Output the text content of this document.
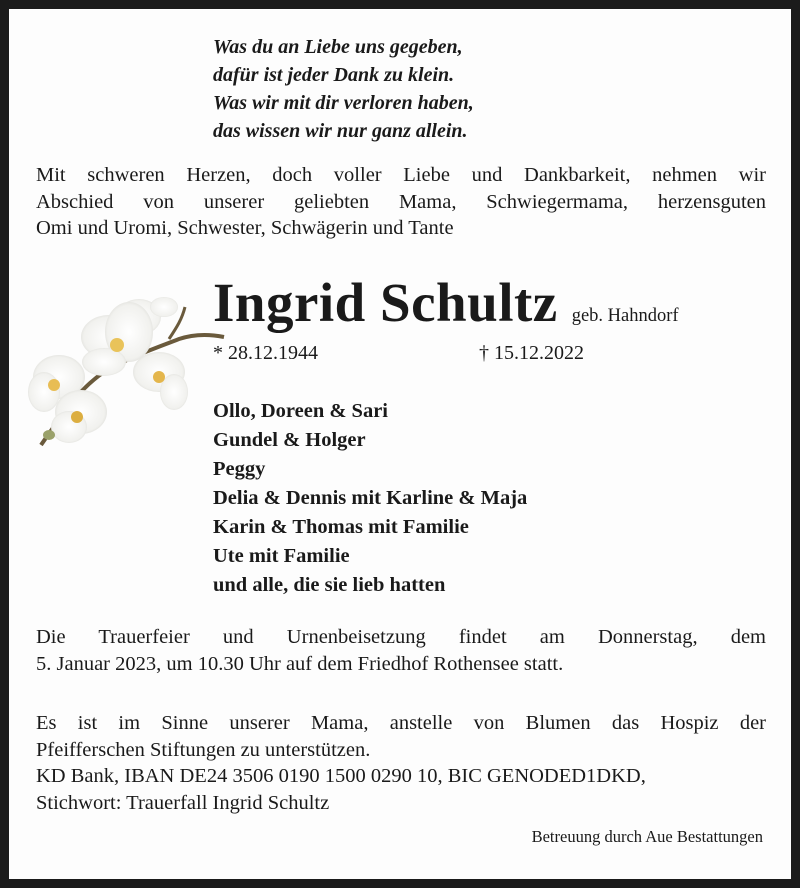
Was du an Liebe uns gegeben,
dafür ist jeder Dank zu klein.
Was wir mit dir verloren haben,
das wissen wir nur ganz allein.

Mit schweren Herzen, doch voller Liebe und Dankbarkeit, nehmen wir

Abschied von unserer geliebten Mama, Schwiegermama, herzensguten

Omi und Uromi, Schwester, Schwägerin und Tante

Ingrid Schultz geb. Hahndorf
* 28.12.1944	† 15.12.2022
Ollo, Doreen & Sari
Gundel & Holger
Peggy
Delia & Dennis mit Karline & Maja
Karin & Thomas mit Familie
Ute mit Familie
und alle, die sie lieb hatten
Die Trauerfeier und Urnenbeisetzung findet am Donnerstag, dem
5. Januar 2023, um 10.30 Uhr auf dem Friedhof Rothensee statt.
Es ist im Sinne unserer Mama, anstelle von Blumen das Hospiz der
Pfeifferschen Stiftungen zu unterstützen.
KD Bank, IBAN DE24 3506 0190 1500 0290 10, BIC GENODED1DKD,
Stichwort: Trauerfall Ingrid Schultz
Betreuung durch Aue Bestattungen
